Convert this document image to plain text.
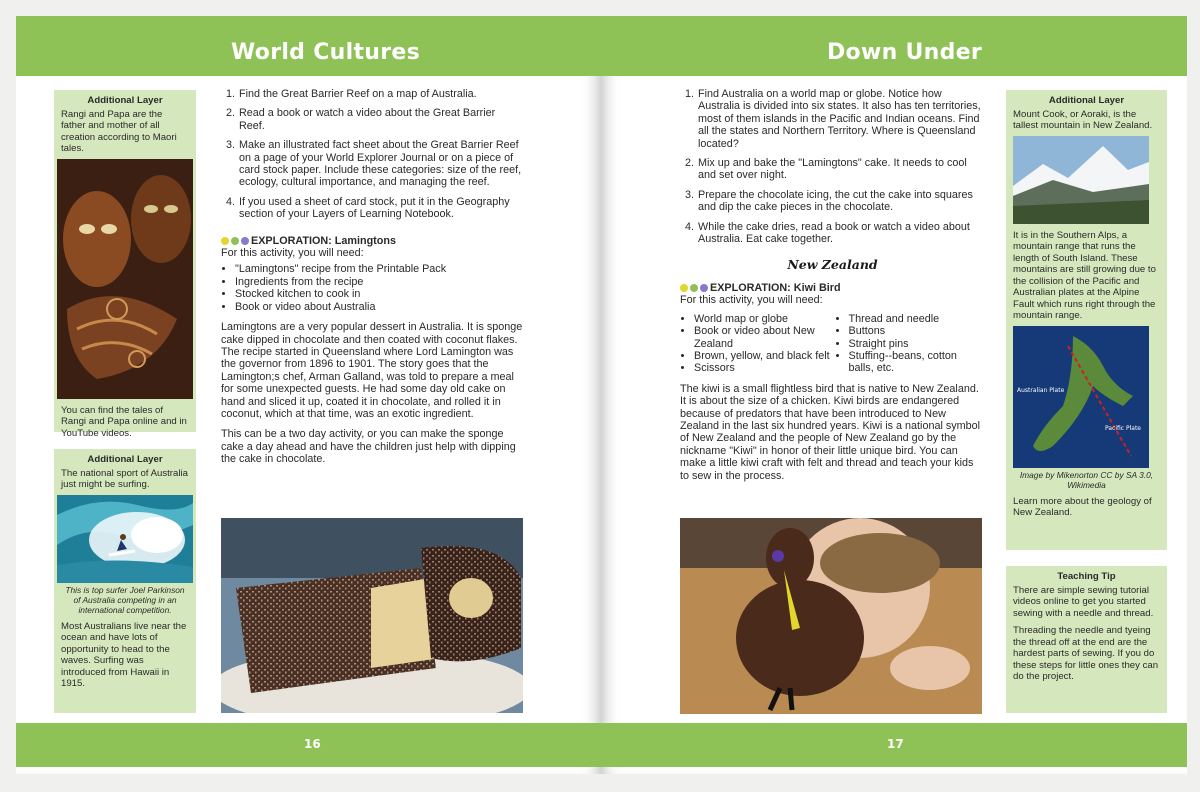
World Cultures
Additional Layer

Rangi and Papa are the father and mother of all creation according to Maori tales.

You can find the tales of Rangi and Papa online and in YouTube videos.

Additional Layer

The national sport of Australia just might be surfing.

This is top surfer Joel Parkinson of Australia competing in an international competition.

Most Australians live near the ocean and have lots of opportunity to head to the waves. Surfing was introduced from Hawaii in 1915.

1. Find the Great Barrier Reef on a map of Australia.
2. Read a book or watch a video about the Great Barrier Reef.
3. Make an illustrated fact sheet about the Great Barrier Reef on a page of your World Explorer Journal or on a piece of card stock paper. Include these categories: size of the reef, ecology, cultural importance, and managing the reef.
4. If you used a sheet of card stock, put it in the Geography section of your Layers of Learning Notebook.
EXPLORATION: Lamingtons
For this activity, you will need:
• "Lamingtons" recipe from the Printable Pack
• Ingredients from the recipe
• Stocked kitchen to cook in
• Book or video about Australia

Lamingtons are a very popular dessert in Australia. It is sponge cake dipped in chocolate and then coated with coconut flakes. The recipe started in Queensland where Lord Lamington was the governor from 1896 to 1901. The story goes that the Lamington;s chef, Arman Galland, was told to prepare a meal for some unexpected guests. He had some day old cake on hand and sliced it up, coated it in chocolate, and rolled it in coconut, which at that time, was an exotic ingredient.

This can be a two day activity, or you can make the sponge cake a day ahead and have the children just help with dipping the cake in chocolate.

16
Down Under
1. Find Australia on a world map or globe. Notice how Australia is divided into six states. It also has ten territories, most of them islands in the Pacific and Indian oceans. Find all the states and Northern Territory. Where is Queensland located?
2. Mix up and bake the "Lamingtons" cake. It needs to cool and set over night.
3. Prepare the chocolate icing, the cut the cake into squares and dip the cake pieces in the chocolate.
4. While the cake dries, read a book or watch a video about Australia. Eat cake together.
New Zealand
EXPLORATION: Kiwi Bird
For this activity, you will need:
• World map or globe
• Book or video about New Zealand
• Brown, yellow, and black felt
• Scissors
• Thread and needle
• Buttons
• Straight pins
• Stuffing--beans, cotton balls, etc.

The kiwi is a small flightless bird that is native to New Zealand. It is about the size of a chicken. Kiwi birds are endangered because of predators that have been introduced to New Zealand in the last six hundred years. Kiwi is a national symbol of New Zealand and the people of New Zealand go by the nickname "Kiwi" in honor of their little unique bird. You can make a little kiwi craft with felt and thread and teach your kids to sew in the process.

Additional Layer

Mount Cook, or Aoraki, is the tallest mountain in New Zealand.

It is in the Southern Alps, a mountain range that runs the length of South Island. These mountains are still growing due to the collision of the Pacific and Australian plates at the Alpine Fault which runs right through the mountain range.

Australian Plate
Pacific Plate

Image by Mikenorton CC by SA 3.0, Wikimedia

Learn more about the geology of New Zealand.

Teaching Tip

There are simple sewing tutorial videos online to get you started sewing with a needle and thread.

Threading the needle and tyeing the thread off at the end are the hardest parts of sewing. If you do these steps for little ones they can do the project.

17
